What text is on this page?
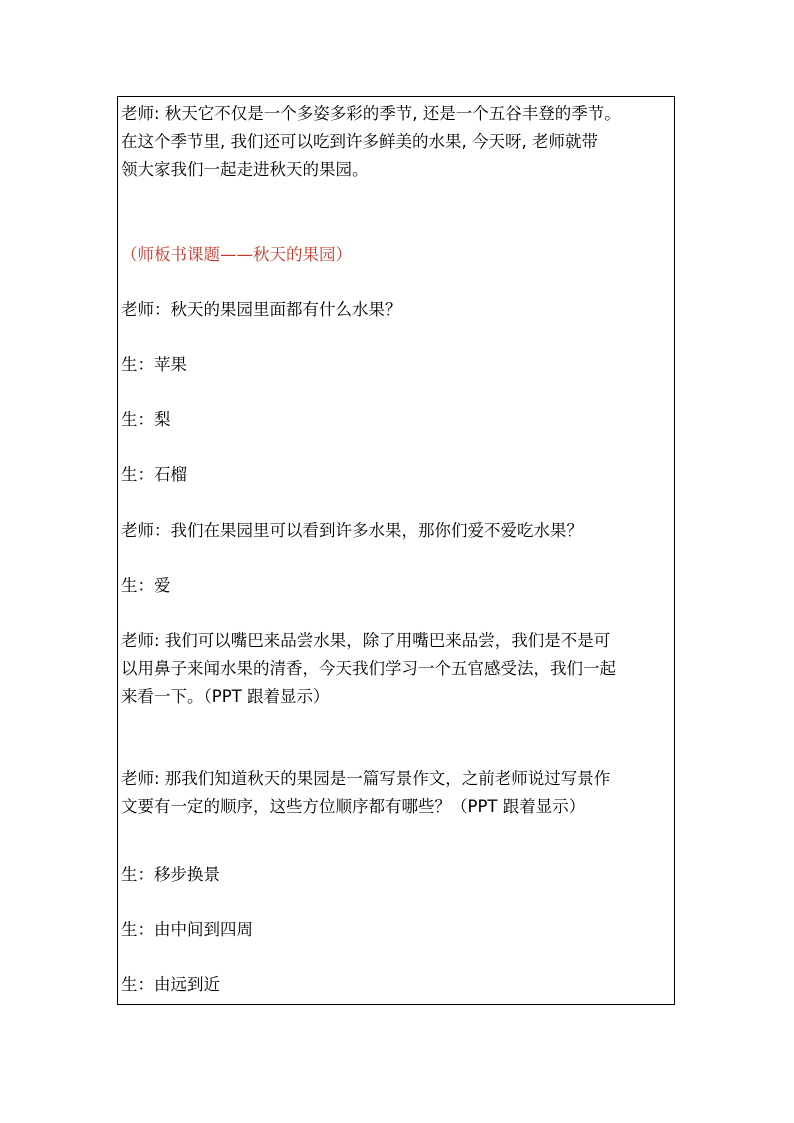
老师: 秋天它不仅是一个多姿多彩的季节, 还是一个五谷丰登的季节。
在这个季节里, 我们还可以吃到许多鲜美的水果, 今天呀, 老师就带
领大家我们一起走进秋天的果园。
（师板书课题——秋天的果园）
老师：秋天的果园里面都有什么水果？
生：苹果
生：梨
生：石榴
老师：我们在果园里可以看到许多水果，那你们爱不爱吃水果？
生：爱
老师: 我们可以嘴巴来品尝水果，除了用嘴巴来品尝，我们是不是可
以用鼻子来闻水果的清香，今天我们学习一个五官感受法，我们一起
来看一下。（PPT 跟着显示）
老师: 那我们知道秋天的果园是一篇写景作文，之前老师说过写景作
文要有一定的顺序，这些方位顺序都有哪些？（PPT 跟着显示）
生：移步换景
生：由中间到四周
生：由远到近
